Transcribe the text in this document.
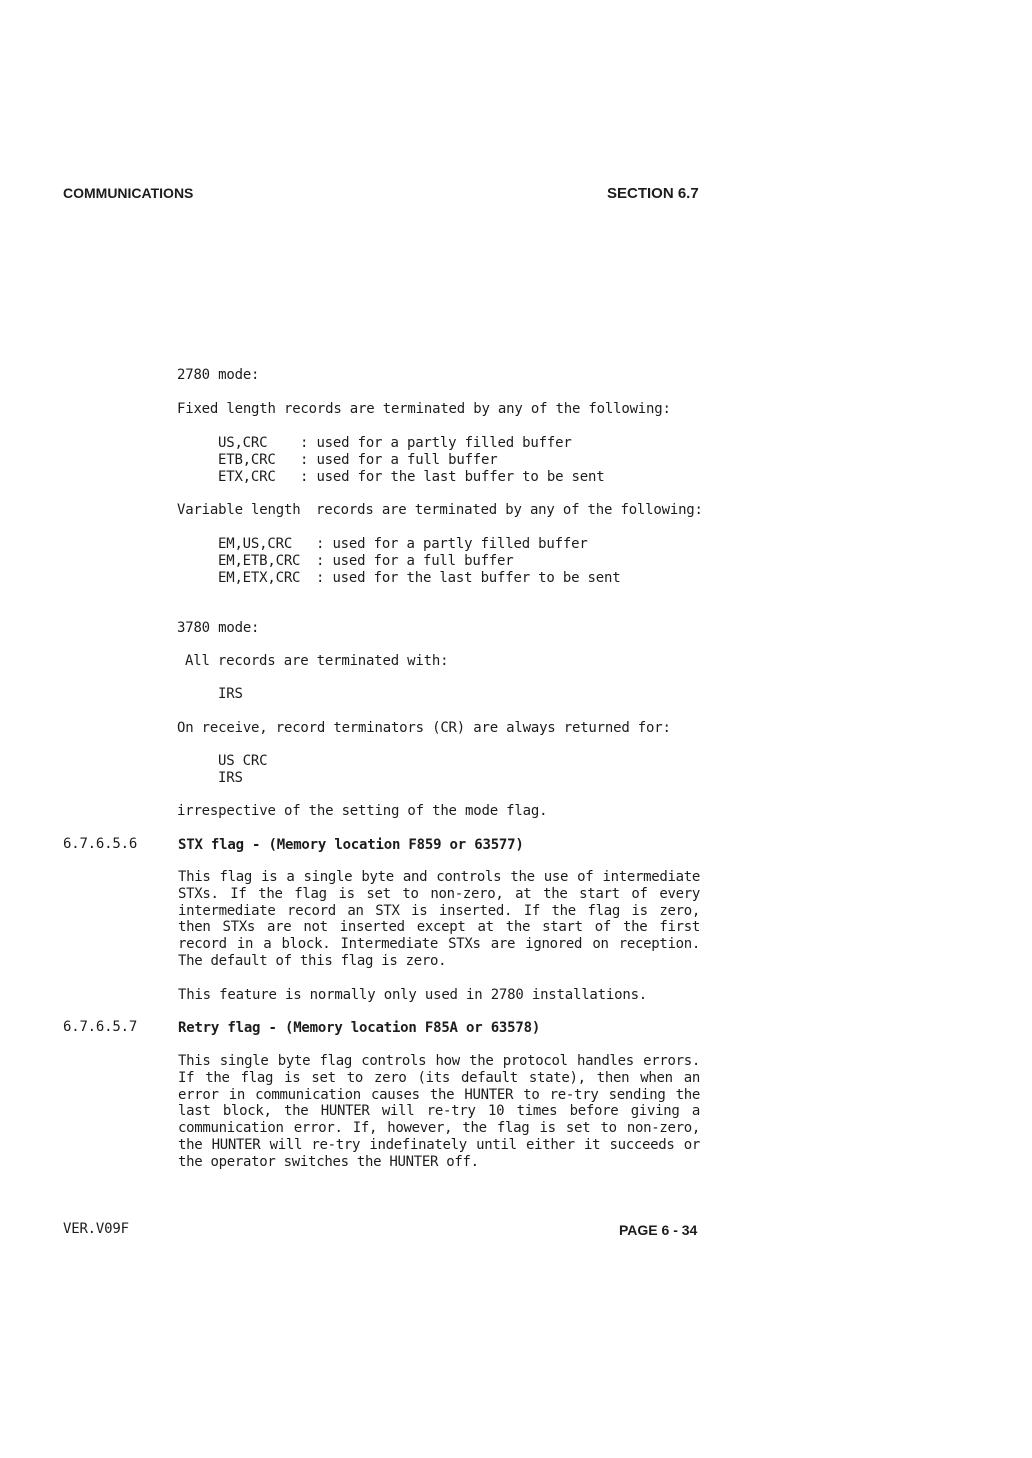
COMMUNICATIONS	SECTION 6.7
2780 mode:
Fixed length records are terminated by any of the following:
US,CRC : used for a partly filled buffer
ETB,CRC : used for a full buffer
ETX,CRC : used for the last buffer to be sent
Variable length records are terminated by any of the following:
EM,US,CRC : used for a partly filled buffer
EM,ETB,CRC : used for a full buffer
EM,ETX,CRC : used for the last buffer to be sent
3780 mode:
All records are terminated with:
IRS
On receive, record terminators (CR) are always returned for:
US CRC
IRS
irrespective of the setting of the mode flag.
6.7.6.5.6	STX flag - (Memory location F859 or 63577)
This flag is a single byte and controls the use of intermediate STXs. If the flag is set to non-zero, at the start of every intermediate record an STX is inserted. If the flag is zero, then STXs are not inserted except at the start of the first record in a block. Intermediate STXs are ignored on reception. The default of this flag is zero.
This feature is normally only used in 2780 installations.
6.7.6.5.7	Retry flag - (Memory location F85A or 63578)
This single byte flag controls how the protocol handles errors. If the flag is set to zero (its default state), then when an error in communication causes the HUNTER to re-try sending the last block, the HUNTER will re-try 10 times before giving a communication error. If, however, the flag is set to non-zero, the HUNTER will re-try indefinately until either it succeeds or the operator switches the HUNTER off.
VER.V09F	PAGE 6 - 34
